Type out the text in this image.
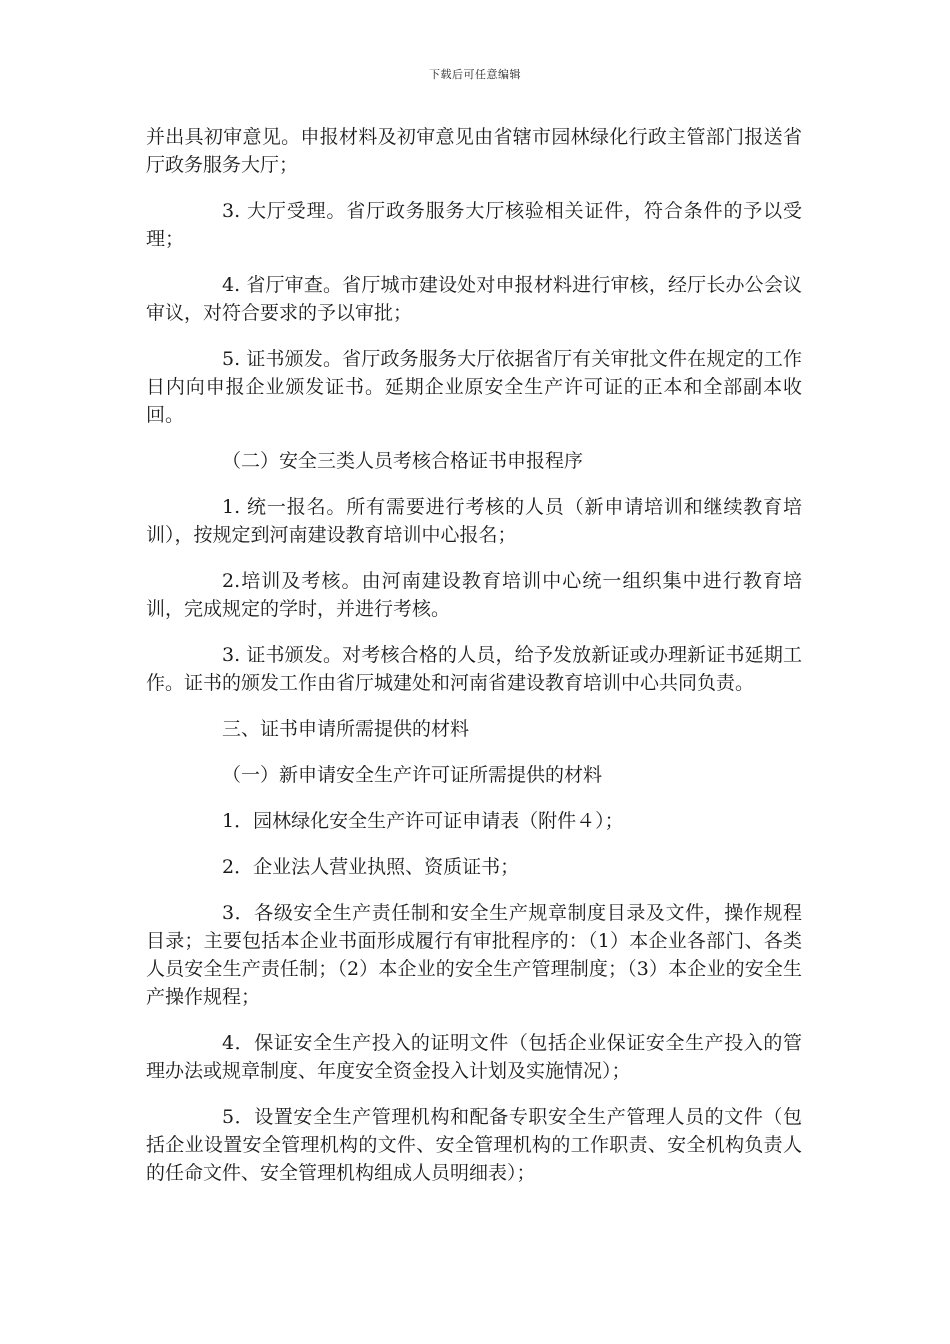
下载后可任意编辑

并出具初审意见。申报材料及初审意见由省辖市园林绿化行政主管部门报送省厅政务服务大厅；

3. 大厅受理。省厅政务服务大厅核验相关证件，符合条件的予以受理；

4. 省厅审查。省厅城市建设处对申报材料进行审核，经厅长办公会议审议，对符合要求的予以审批；

5. 证书颁发。省厅政务服务大厅依据省厅有关审批文件在规定的工作日内向申报企业颁发证书。延期企业原安全生产许可证的正本和全部副本收回。

（二）安全三类人员考核合格证书申报程序

1. 统一报名。所有需要进行考核的人员（新申请培训和继续教育培训），按规定到河南建设教育培训中心报名；

2.培训及考核。由河南建设教育培训中心统一组织集中进行教育培训，完成规定的学时，并进行考核。

3. 证书颁发。对考核合格的人员，给予发放新证或办理新证书延期工作。证书的颁发工作由省厅城建处和河南省建设教育培训中心共同负责。

三、证书申请所需提供的材料

（一）新申请安全生产许可证所需提供的材料

1．园林绿化安全生产许可证申请表（附件４）；

2．企业法人营业执照、资质证书；

3．各级安全生产责任制和安全生产规章制度目录及文件，操作规程目录；主要包括本企业书面形成履行有审批程序的：（1）本企业各部门、各类人员安全生产责任制；（2）本企业的安全生产管理制度；（3）本企业的安全生产操作规程；

4．保证安全生产投入的证明文件（包括企业保证安全生产投入的管理办法或规章制度、年度安全资金投入计划及实施情况）；

5．设置安全生产管理机构和配备专职安全生产管理人员的文件（包括企业设置安全管理机构的文件、安全管理机构的工作职责、安全机构负责人的任命文件、安全管理机构组成人员明细表）；
